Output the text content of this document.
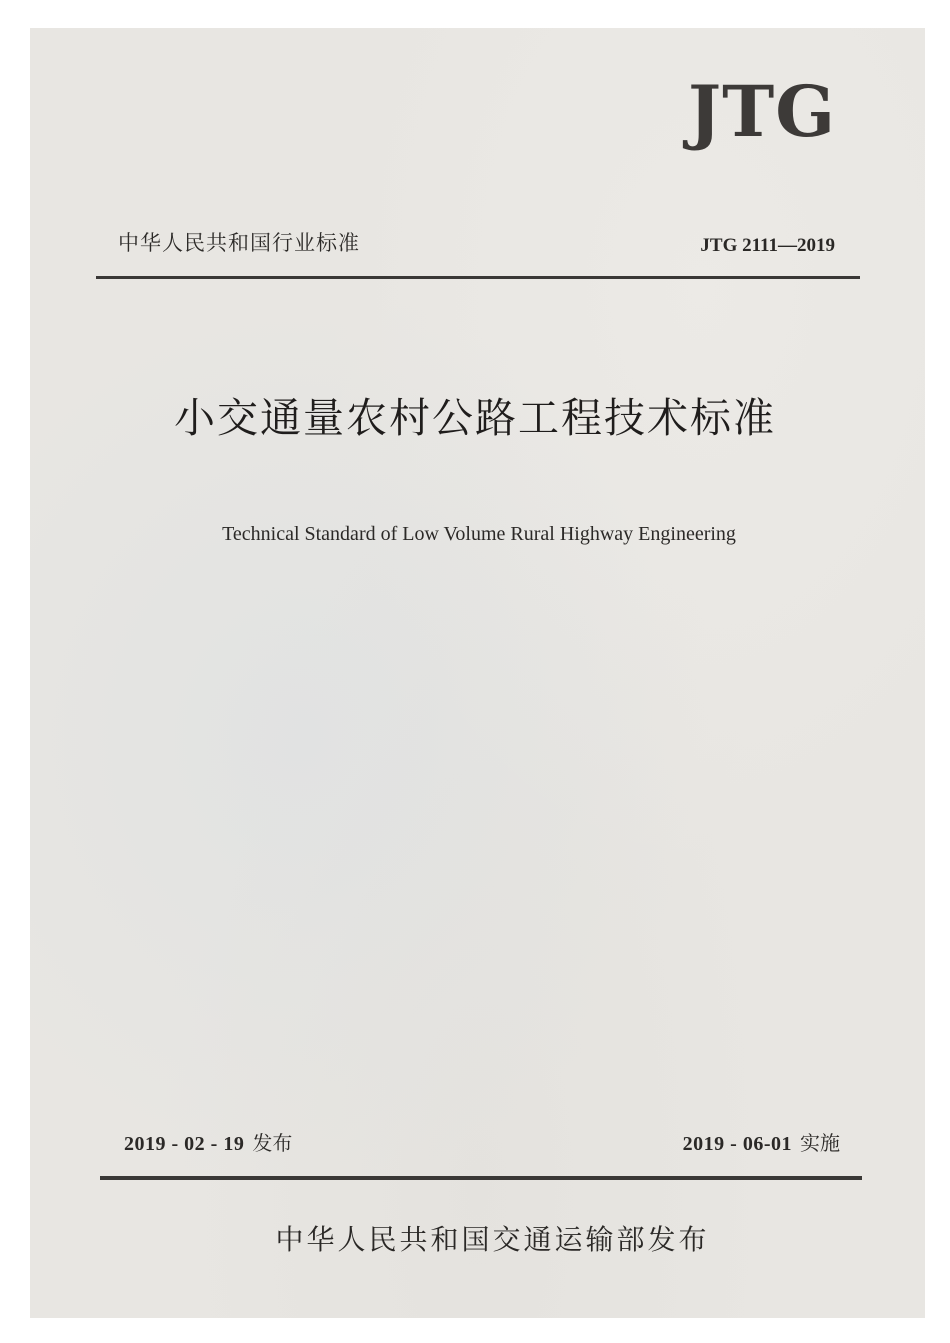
JTG
中华人民共和国行业标准	JTG 2111—2019
小交通量农村公路工程技术标准
Technical Standard of Low Volume Rural Highway Engineering
2019 - 02 - 19 发布	2019 - 06-01 实施
中华人民共和国交通运输部发布
